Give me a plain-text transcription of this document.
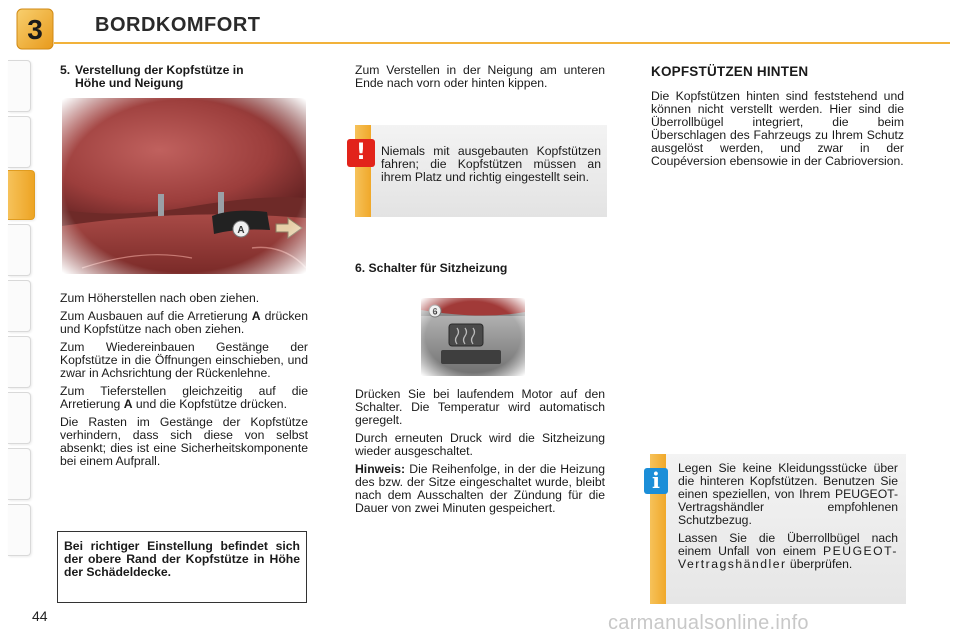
3	BORDKOMFORT
5. Verstellung der Kopfstütze in
Höhe und Neigung

Zum Höherstellen nach oben ziehen.

Zum Ausbauen auf die Arretierung A drücken und Kopfstütze nach oben ziehen.

Zum Wiedereinbauen Gestänge der Kopfstütze in die Öffnungen einschieben, und zwar in Achsrichtung der Rückenlehne.

Zum Tieferstellen gleichzeitig auf die Arretierung A und die Kopfstütze drücken.

Die Rasten im Gestänge der Kopfstütze verhindern, dass sich diese von selbst absenkt; dies ist eine Sicherheitskomponente bei einem Aufprall.

Bei richtiger Einstellung befindet sich der obere Rand der Kopfstütze in Höhe der Schädeldecke.
Zum Verstellen in der Neigung am unteren Ende nach vorn oder hinten kippen.
!	Niemals mit ausgebauten Kopfstützen fahren; die Kopfstützen müssen an ihrem Platz und richtig eingestellt sein.
6. Schalter für Sitzheizung

Drücken Sie bei laufendem Motor auf den Schalter. Die Temperatur wird automatisch geregelt.

Durch erneuten Druck wird die Sitzheizung wieder ausgeschaltet.

Hinweis: Die Reihenfolge, in der die Heizung des bzw. der Sitze eingeschaltet wurde, bleibt nach dem Ausschalten der Zündung für die Dauer von zwei Minuten gespeichert.

KOPFSTÜTZEN HINTEN
Die Kopfstützen hinten sind feststehend und können nicht verstellt werden. Hier sind die Überrollbügel integriert, die beim Überschlagen des Fahrzeugs zu Ihrem Schutz ausgelöst werden, und zwar in der Coupéversion ebensowie in der Cabrioversion.
i	Legen Sie keine Kleidungsstücke über die hinteren Kopfstützen. Benutzen Sie einen speziellen, von Ihrem PEUGEOT-Vertragshändler empfohlenen Schutzbezug.

Lassen Sie die Überrollbügel nach einem Unfall von einem PEUGEOT-Vertragshändler überprüfen.

44	carmanualsonline.info
